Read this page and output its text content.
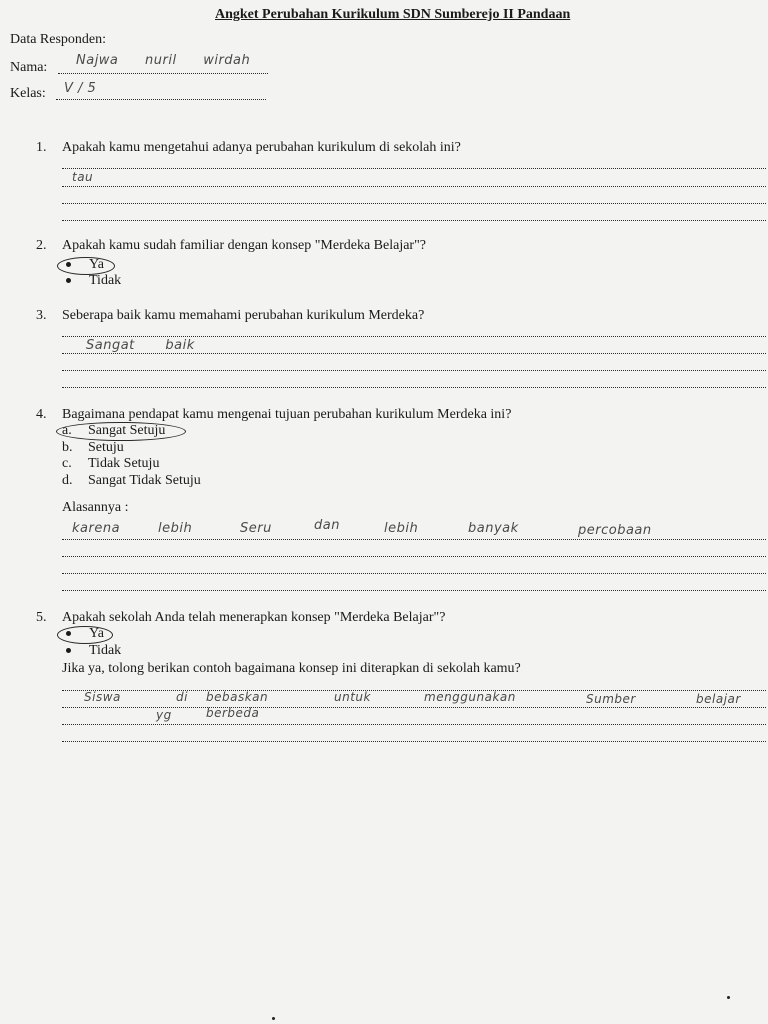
Angket Perubahan Kurikulum SDN Sumberejo II Pandaan
Data Responden:
Nama: Najwa nuril wirdah
Kelas: V / 5
1. Apakah kamu mengetahui adanya perubahan kurikulum di sekolah ini?
tau
2. Apakah kamu sudah familiar dengan konsep "Merdeka Belajar"?
Ya
Tidak
3. Seberapa baik kamu memahami perubahan kurikulum Merdeka?
Sangat baik
4. Bagaimana pendapat kamu mengenai tujuan perubahan kurikulum Merdeka ini?
a. Sangat Setuju
b. Setuju
c. Tidak Setuju
d. Sangat Tidak Setuju
Alasannya :
karena	lebih	Seru	dan	lebih	banyak	percobaan
5. Apakah sekolah Anda telah menerapkan konsep "Merdeka Belajar"?
Ya
Tidak
Jika ya, tolong berikan contoh bagaimana konsep ini diterapkan di sekolah kamu?
Siswa	di bebaskan	untuk	menggunakan	Sumber	belajar
yg	berbeda
